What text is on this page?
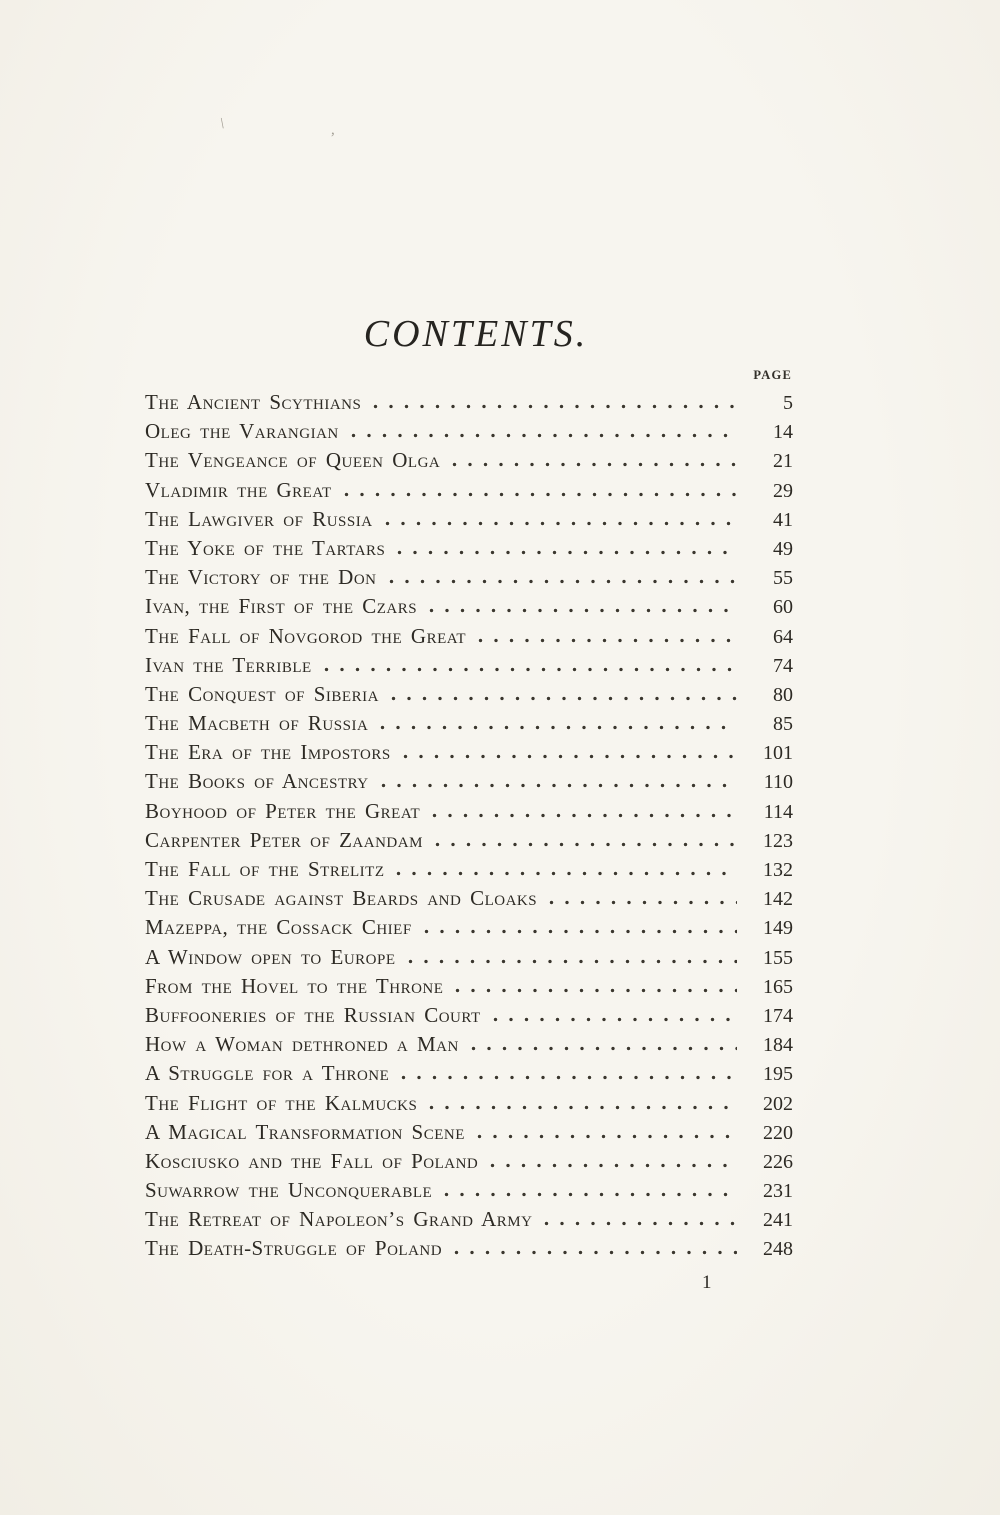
\	,
CONTENTS.
PAGE
The Ancient Scythians	5
Oleg the Varangian	14
The Vengeance of Queen Olga	21
Vladimir the Great	29
The Lawgiver of Russia	41
The Yoke of the Tartars	49
The Victory of the Don	55
Ivan, the First of the Czars	60
The Fall of Novgorod the Great	64
Ivan the Terrible	74
The Conquest of Siberia	80
The Macbeth of Russia	85
The Era of the Impostors	101
The Books of Ancestry	110
Boyhood of Peter the Great	114
Carpenter Peter of Zaandam	123
The Fall of the Strelitz	132
The Crusade against Beards and Cloaks	142
Mazeppa, the Cossack Chief	149
A Window open to Europe	155
From the Hovel to the Throne	165
Buffooneries of the Russian Court	174
How a Woman dethroned a Man	184
A Struggle for a Throne	195
The Flight of the Kalmucks	202
A Magical Transformation Scene	220
Kosciusko and the Fall of Poland	226
Suwarrow the Unconquerable	231
The Retreat of Napoleon’s Grand Army	241
The Death-Struggle of Poland	248
1
